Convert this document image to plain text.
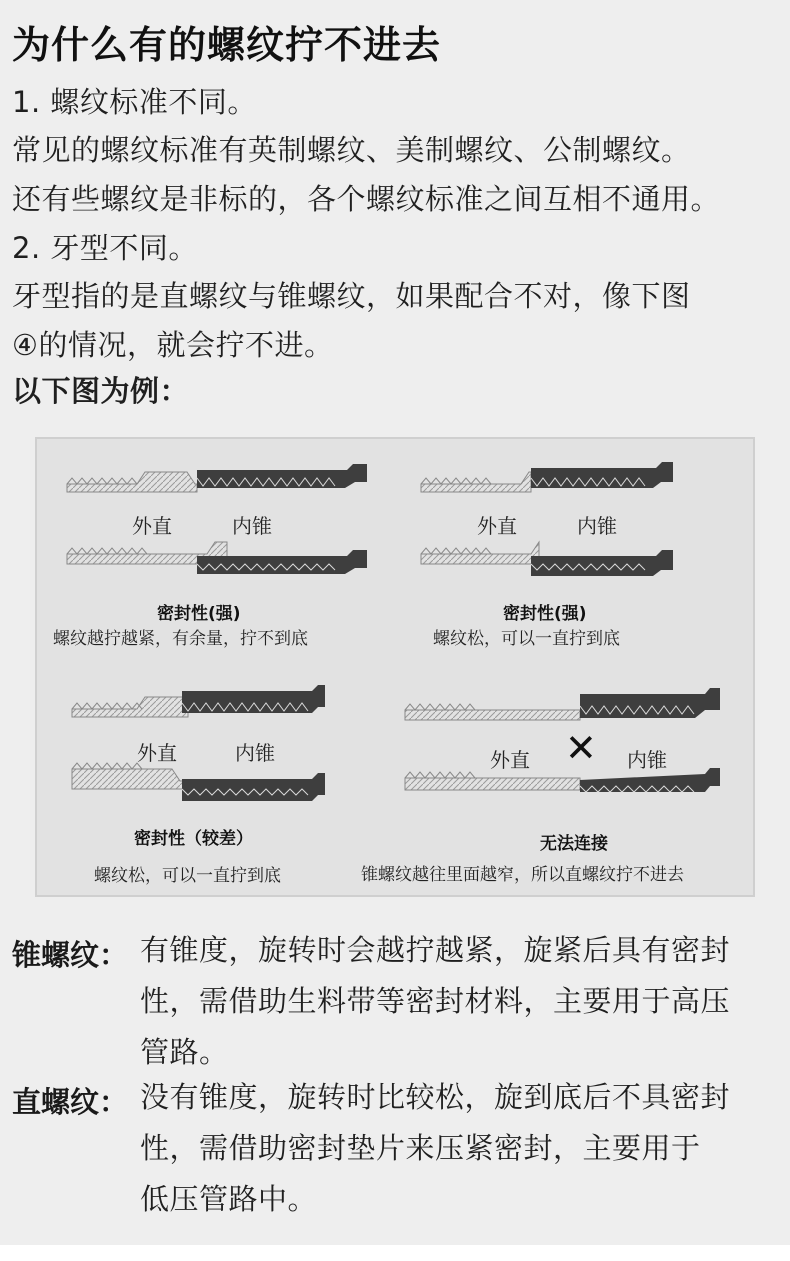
为什么有的螺纹拧不进去
1. 螺纹标准不同。
常见的螺纹标准有英制螺纹、美制螺纹、公制螺纹。
还有些螺纹是非标的，各个螺纹标准之间互相不通用。
2. 牙型不同。
牙型指的是直螺纹与锥螺纹，如果配合不对，像下图
④的情况，就会拧不进。
以下图为例：
外直	内锥
密封性(强)
螺纹越拧越紧，有余量，拧不到底
外直	内锥
密封性(强)
螺纹松，可以一直拧到底
外直	内锥
密封性（较差）
螺纹松，可以一直拧到底
外直 ✕ 内锥
无法连接
锥螺纹越往里面越窄，所以直螺纹拧不进去
锥螺纹： 有锥度，旋转时会越拧越紧，旋紧后具有密封
性，需借助生料带等密封材料，主要用于高压
管路。
直螺纹： 没有锥度，旋转时比较松，旋到底后不具密封
性，需借助密封垫片来压紧密封，主要用于
低压管路中。
